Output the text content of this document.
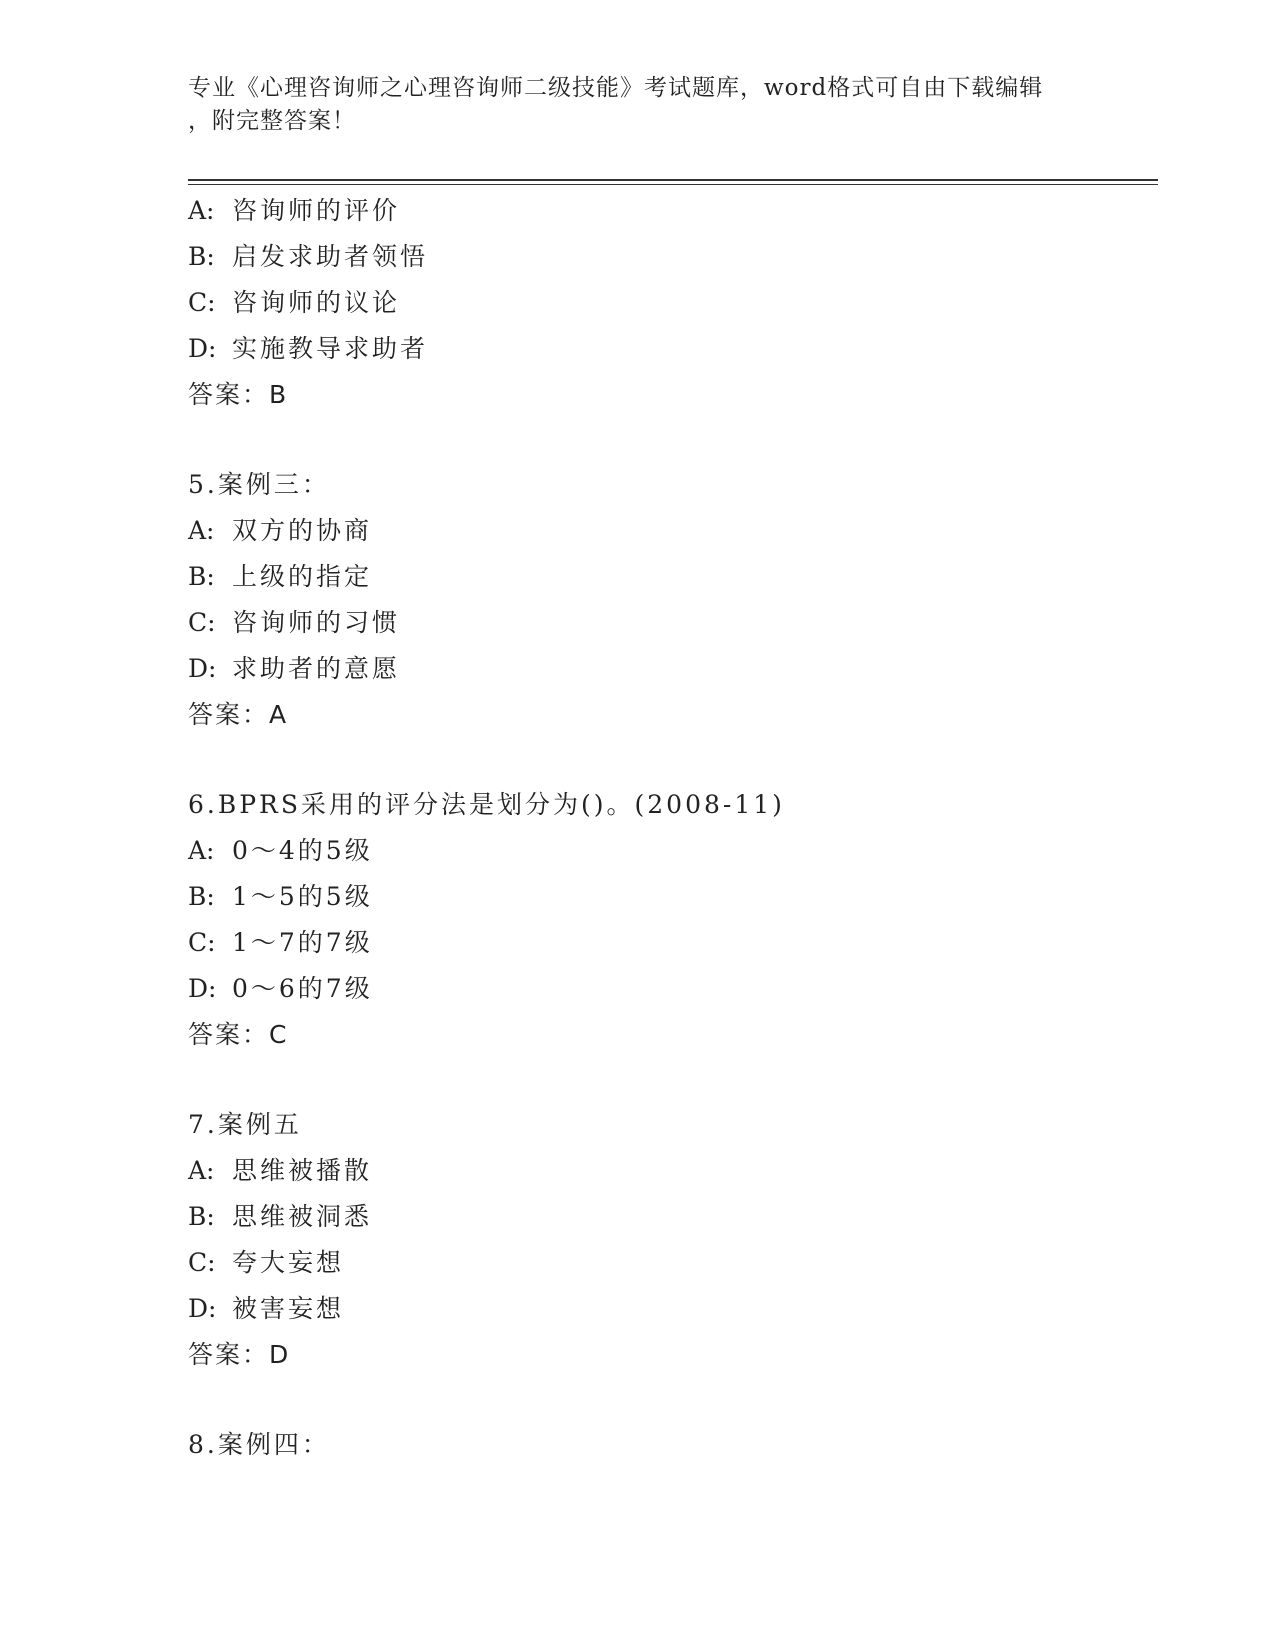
专业《心理咨询师之心理咨询师二级技能》考试题库，word格式可自由下载编辑
，附完整答案！
A: 咨询师的评价
B: 启发求助者领悟
C: 咨询师的议论
D: 实施教导求助者
答案：B
5.案例三：
A: 双方的协商
B: 上级的指定
C: 咨询师的习惯
D: 求助者的意愿
答案：A
6.BPRS采用的评分法是划分为()。(2008-11)
A: 0～4的5级
B: 1～5的5级
C: 1～7的7级
D: 0～6的7级
答案：C
7.案例五
A: 思维被播散
B: 思维被洞悉
C: 夸大妄想
D: 被害妄想
答案：D
8.案例四：
